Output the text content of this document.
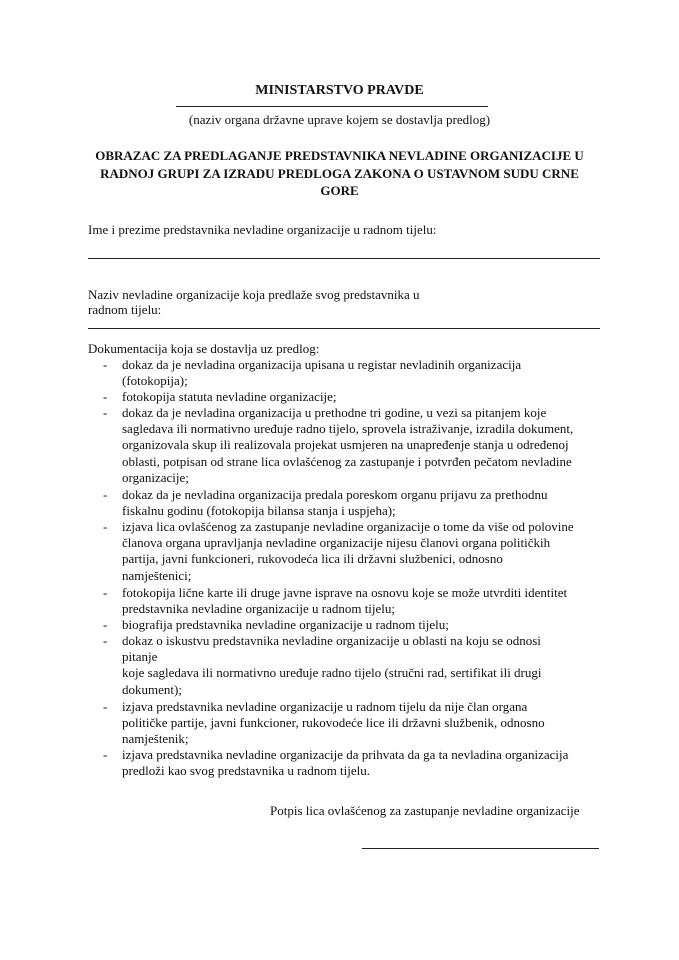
MINISTARSTVO PRAVDE
(naziv organa državne uprave kojem se dostavlja predlog)
OBRAZAC ZA PREDLAGANJE PREDSTAVNIKA NEVLADINE ORGANIZACIJE U
RADNOJ GRUPI ZA IZRADU PREDLOGA ZAKONA O USTAVNOM SUDU CRNE
GORE
Ime i prezime predstavnika nevladine organizacije u radnom tijelu:
Naziv nevladine organizacije koja predlaže svog predstavnika u
radnom tijelu:
Dokumentacija koja se dostavlja uz predlog:
- dokaz da je nevladina organizacija upisana u registar nevladinih organizacija
(fotokopija);
- fotokopija statuta nevladine organizacije;
- dokaz da je nevladina organizacija u prethodne tri godine, u vezi sa pitanjem koje
sagledava ili normativno uređuje radno tijelo, sprovela istraživanje, izradila dokument,
organizovala skup ili realizovala projekat usmjeren na unapređenje stanja u određenoj
oblasti, potpisan od strane lica ovlašćenog za zastupanje i potvrđen pečatom nevladine
organizacije;
- dokaz da je nevladina organizacija predala poreskom organu prijavu za prethodnu
fiskalnu godinu (fotokopija bilansa stanja i uspjeha);
- izjava lica ovlašćenog za zastupanje nevladine organizacije o tome da više od polovine
članova organa upravljanja nevladine organizacije nijesu članovi organa političkih
partija, javni funkcioneri, rukovodeća lica ili državni službenici, odnosno
namještenici;
- fotokopija lične karte ili druge javne isprave na osnovu koje se može utvrditi identitet
predstavnika nevladine organizacije u radnom tijelu;
- biografija predstavnika nevladine organizacije u radnom tijelu;
- dokaz o iskustvu predstavnika nevladine organizacije u oblasti na koju se odnosi
pitanje
koje sagledava ili normativno uređuje radno tijelo (stručni rad, sertifikat ili drugi
dokument);
- izjava predstavnika nevladine organizacije u radnom tijelu da nije član organa
političke partije, javni funkcioner, rukovodeće lice ili državni službenik, odnosno
namještenik;
- izjava predstavnika nevladine organizacije da prihvata da ga ta nevladina organizacija
predloži kao svog predstavnika u radnom tijelu.
Potpis lica ovlašćenog za zastupanje nevladine organizacije
